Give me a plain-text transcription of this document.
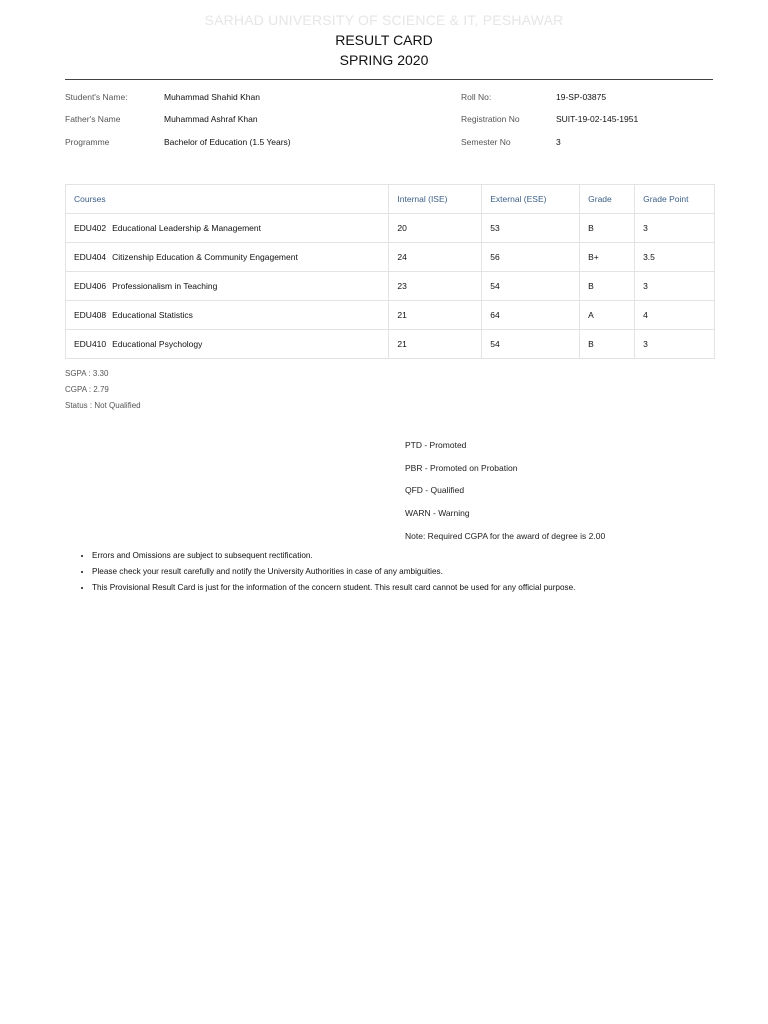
SARHAD UNIVERSITY OF SCIENCE & IT, PESHAWAR
RESULT CARD
SPRING 2020
Student's Name:	Muhammad Shahid Khan
Father's Name	Muhammad Ashraf Khan
Programme	Bachelor of Education (1.5 Years)
Roll No:	19-SP-03875
Registration No	SUIT-19-02-145-1951
Semester No	3
Courses	Internal (ISE)	External (ESE)	Grade	Grade Point
EDU402 Educational Leadership & Management	20	53	B	3
EDU404 Citizenship Education & Community Engagement	24	56	B+	3.5
EDU406 Professionalism in Teaching	23	54	B	3
EDU408 Educational Statistics	21	64	A	4
EDU410 Educational Psychology	21	54	B	3
SGPA : 3.30
CGPA : 2.79
Status : Not Qualified
PTD - Promoted
PBR - Promoted on Probation
QFD - Qualified
WARN - Warning
Note: Required CGPA for the award of degree is 2.00
• Errors and Omissions are subject to subsequent rectification.
• Please check your result carefully and notify the University Authorities in case of any ambiguities.
• This Provisional Result Card is just for the information of the concern student. This result card cannot be used for any official purpose.
